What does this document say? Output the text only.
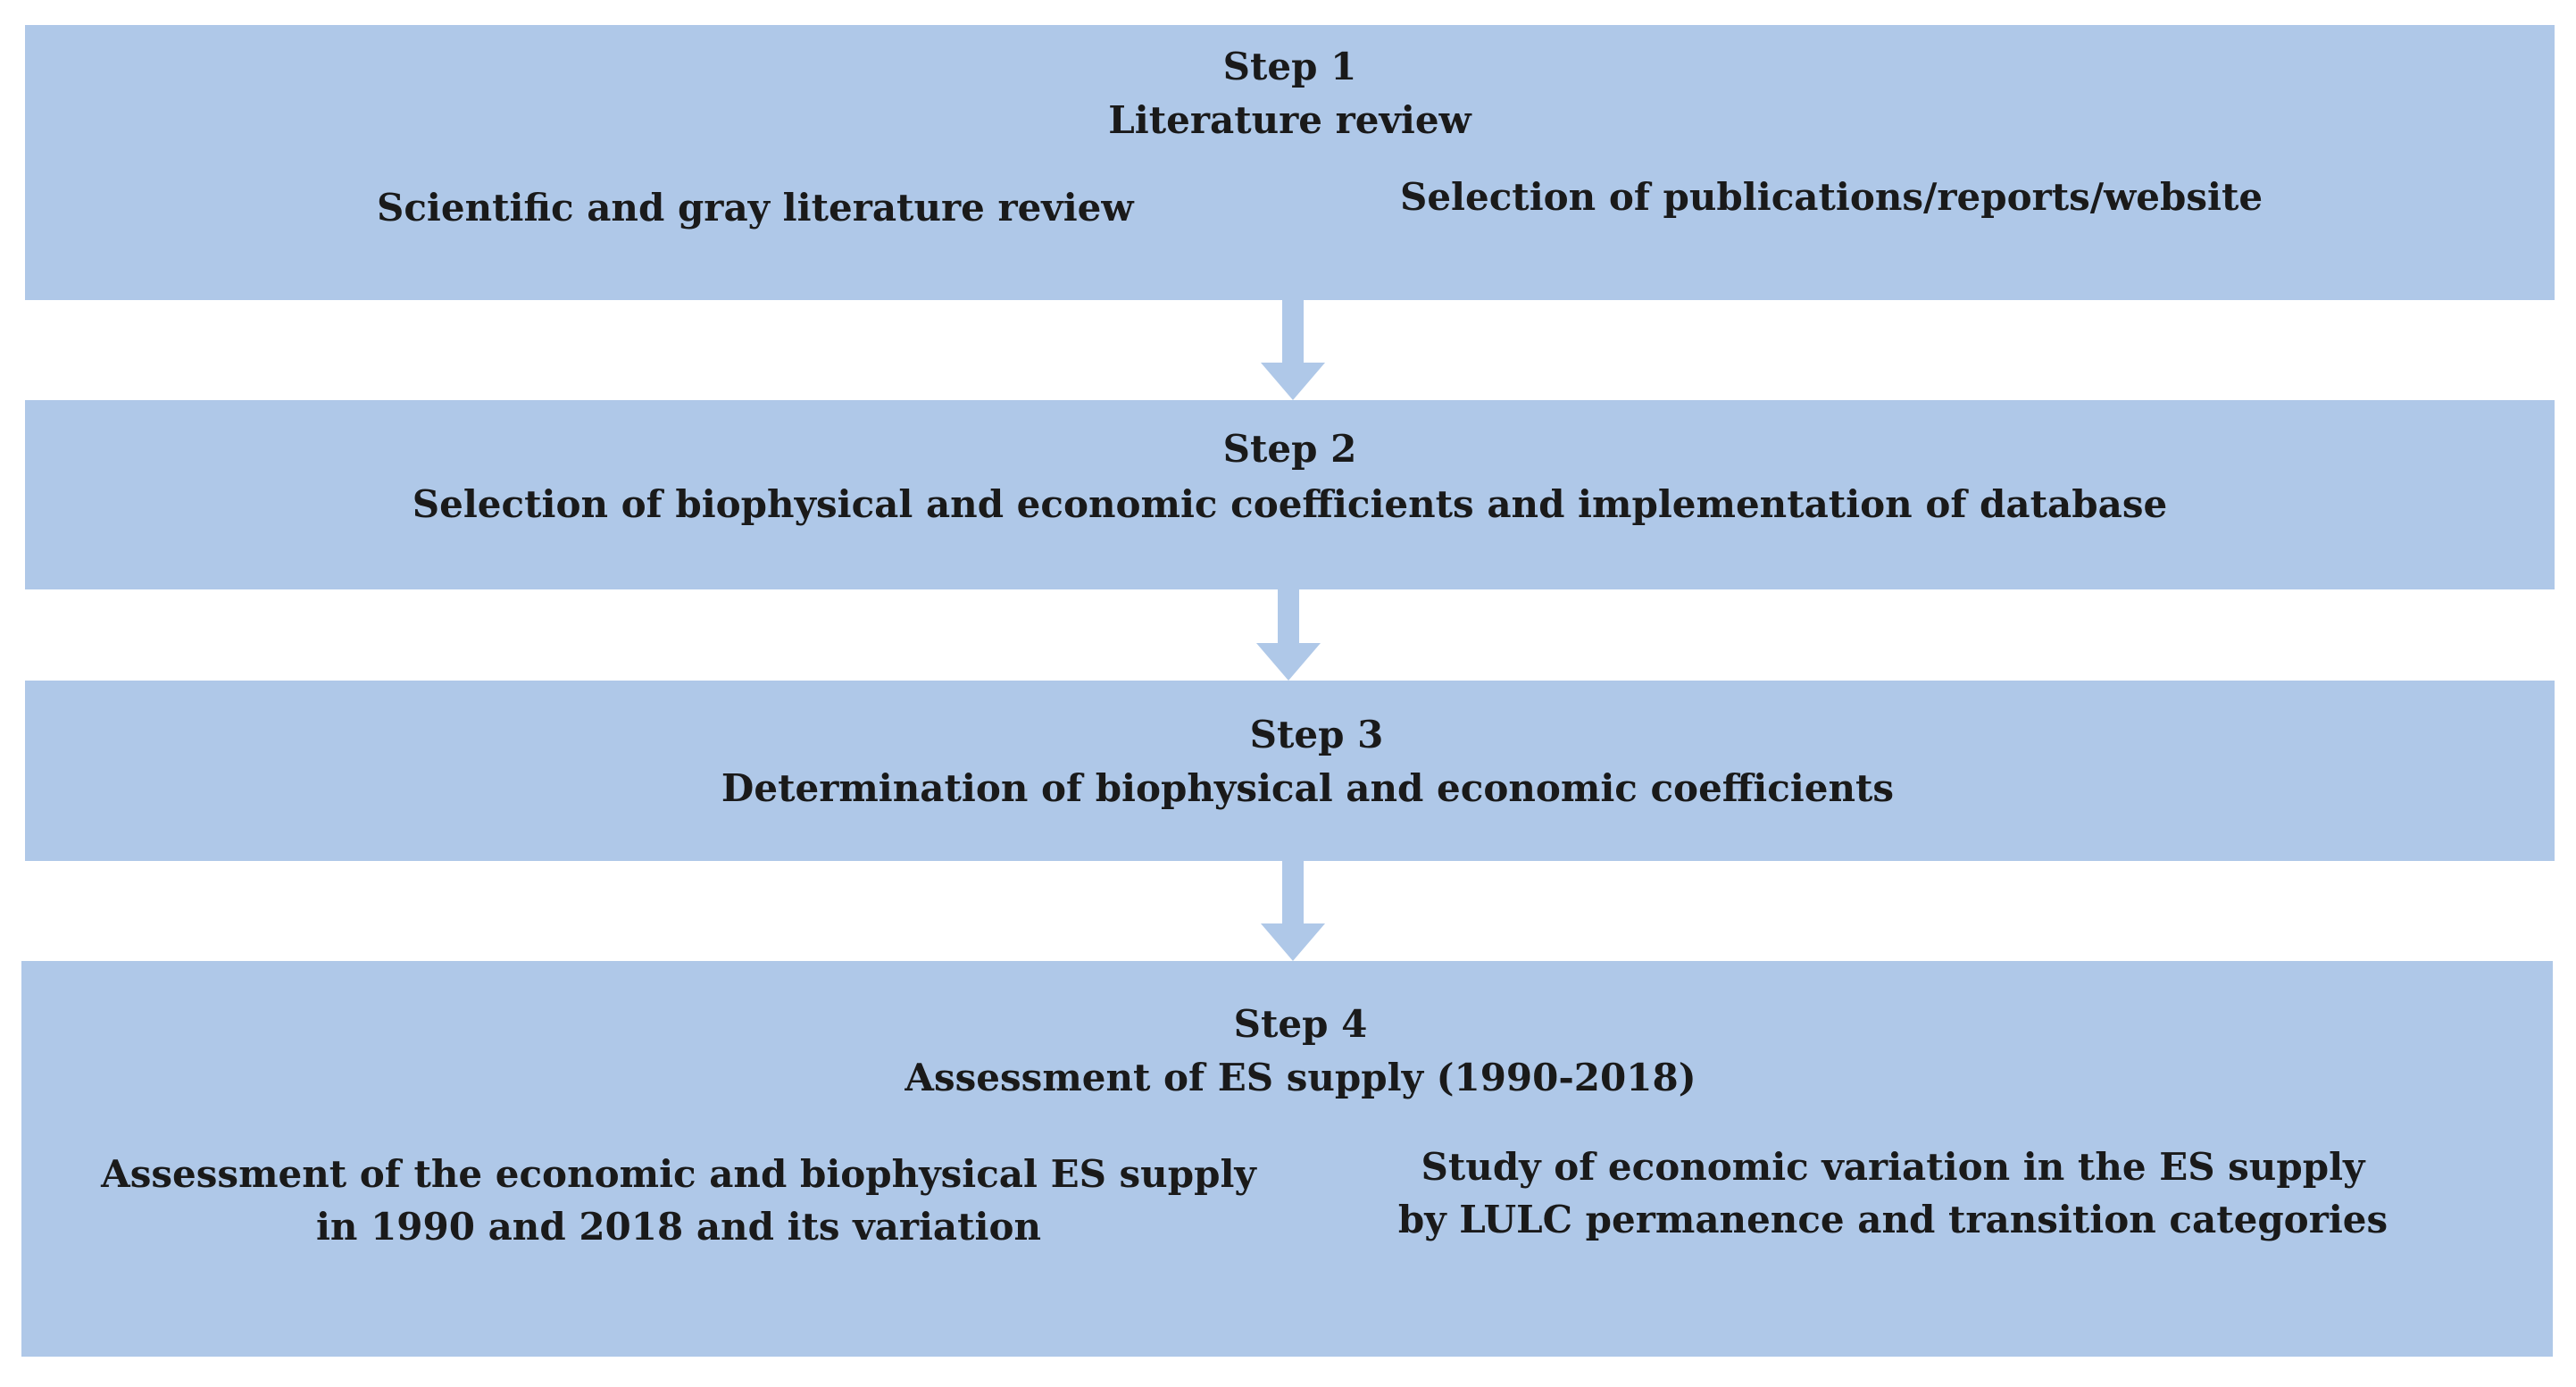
Step 1
Literature review
Scientific and gray literature review	Selection of publications/reports/website
Step 2
Selection of biophysical and economic coefficients and implementation of database
Step 3
Determination of biophysical and economic coefficients
Step 4
Assessment of ES supply (1990-2018)
Assessment of the economic and biophysical ES supply
in 1990 and 2018 and its variation
Study of economic variation in the ES supply
by LULC permanence and transition categories
